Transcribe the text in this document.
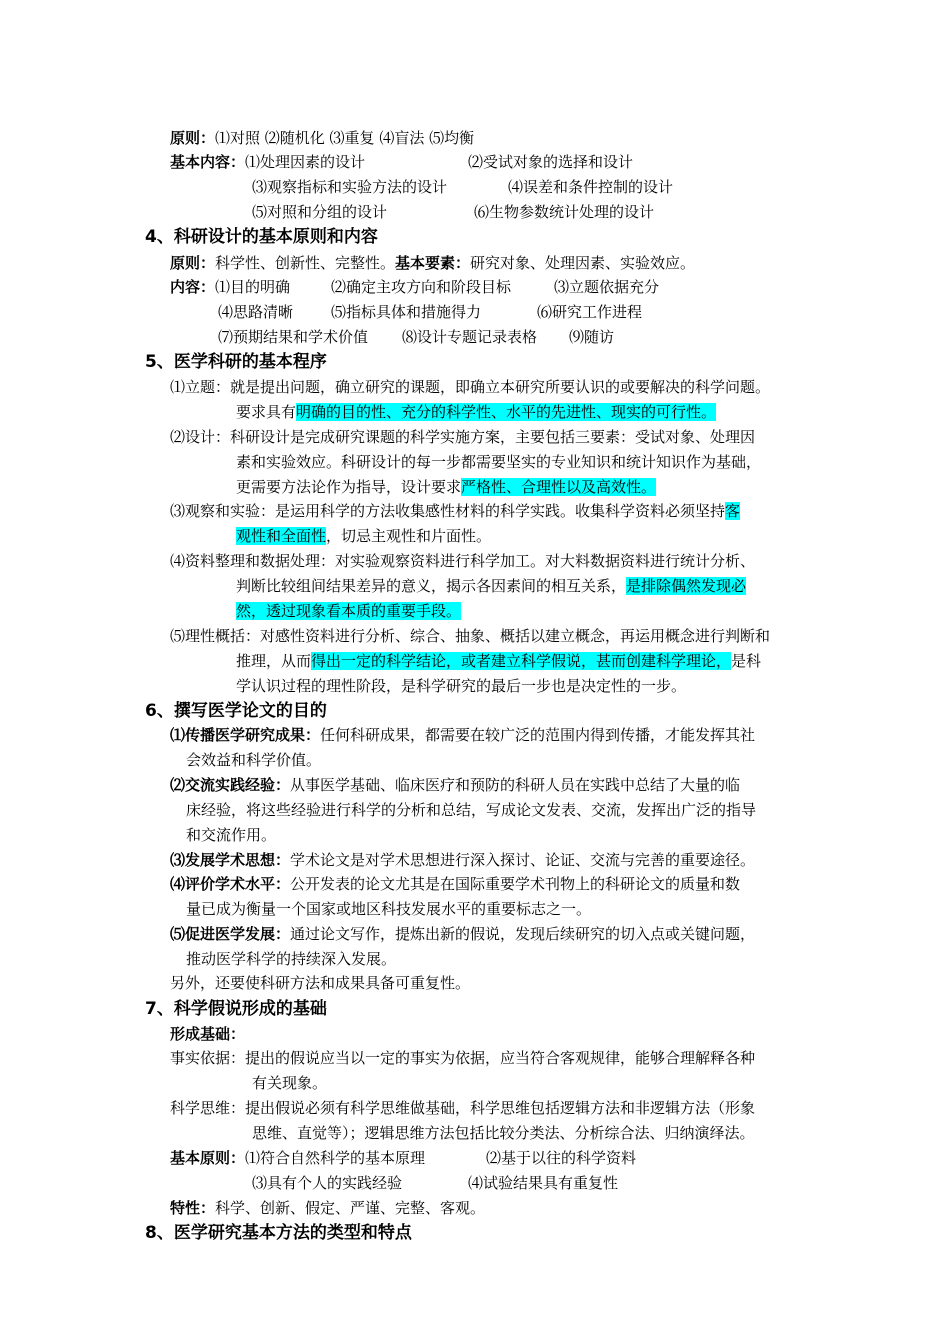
原则：⑴对照 ⑵随机化 ⑶重复 ⑷盲法 ⑸均衡
基本内容：⑴处理因素的设计	⑵受试对象的选择和设计
⑶观察指标和实验方法的设计	⑷误差和条件控制的设计
⑸对照和分组的设计	⑹生物参数统计处理的设计
4、科研设计的基本原则和内容
原则：科学性、创新性、完整性。基本要素：研究对象、处理因素、实验效应。
内容：⑴目的明确	⑵确定主攻方向和阶段目标	⑶立题依据充分
⑷思路清晰	⑸指标具体和措施得力	⑹研究工作进程
⑺预期结果和学术价值 ⑻设计专题记录表格 ⑼随访
5、医学科研的基本程序
⑴立题：就是提出问题，确立研究的课题，即确立本研究所要认识的或要解决的科学问题。
要求具有明确的目的性、充分的科学性、水平的先进性、现实的可行性。
⑵设计：科研设计是完成研究课题的科学实施方案，主要包括三要素：受试对象、处理因
素和实验效应。科研设计的每一步都需要坚实的专业知识和统计知识作为基础，
更需要方法论作为指导，设计要求严格性、合理性以及高效性。
⑶观察和实验：是运用科学的方法收集感性材料的科学实践。收集科学资料必须坚持客
观性和全面性，切忌主观性和片面性。
⑷资料整理和数据处理：对实验观察资料进行科学加工。对大料数据资料进行统计分析、
判断比较组间结果差异的意义，揭示各因素间的相互关系，是排除偶然发现必
然，透过现象看本质的重要手段。
⑸理性概括：对感性资料进行分析、综合、抽象、概括以建立概念，再运用概念进行判断和
推理，从而得出一定的科学结论，或者建立科学假说，甚而创建科学理论，是科
学认识过程的理性阶段，是科学研究的最后一步也是决定性的一步。
6、撰写医学论文的目的
⑴传播医学研究成果：任何科研成果，都需要在较广泛的范围内得到传播，才能发挥其社
会效益和科学价值。
⑵交流实践经验：从事医学基础、临床医疗和预防的科研人员在实践中总结了大量的临
床经验，将这些经验进行科学的分析和总结，写成论文发表、交流，发挥出广泛的指导
和交流作用。
⑶发展学术思想：学术论文是对学术思想进行深入探讨、论证、交流与完善的重要途径。
⑷评价学术水平：公开发表的论文尤其是在国际重要学术刊物上的科研论文的质量和数
量已成为衡量一个国家或地区科技发展水平的重要标志之一。
⑸促进医学发展：通过论文写作，提炼出新的假说，发现后续研究的切入点或关键问题，
推动医学科学的持续深入发展。
另外，还要使科研方法和成果具备可重复性。
7、科学假说形成的基础
形成基础：
事实依据：提出的假说应当以一定的事实为依据，应当符合客观规律，能够合理解释各种
有关现象。
科学思维：提出假说必须有科学思维做基础，科学思维包括逻辑方法和非逻辑方法（形象
思维、直觉等）；逻辑思维方法包括比较分类法、分析综合法、归纳演绎法。
基本原则：⑴符合自然科学的基本原理	⑵基于以往的科学资料
⑶具有个人的实践经验	⑷试验结果具有重复性
特性：科学、创新、假定、严谨、完整、客观。
8、医学研究基本方法的类型和特点
